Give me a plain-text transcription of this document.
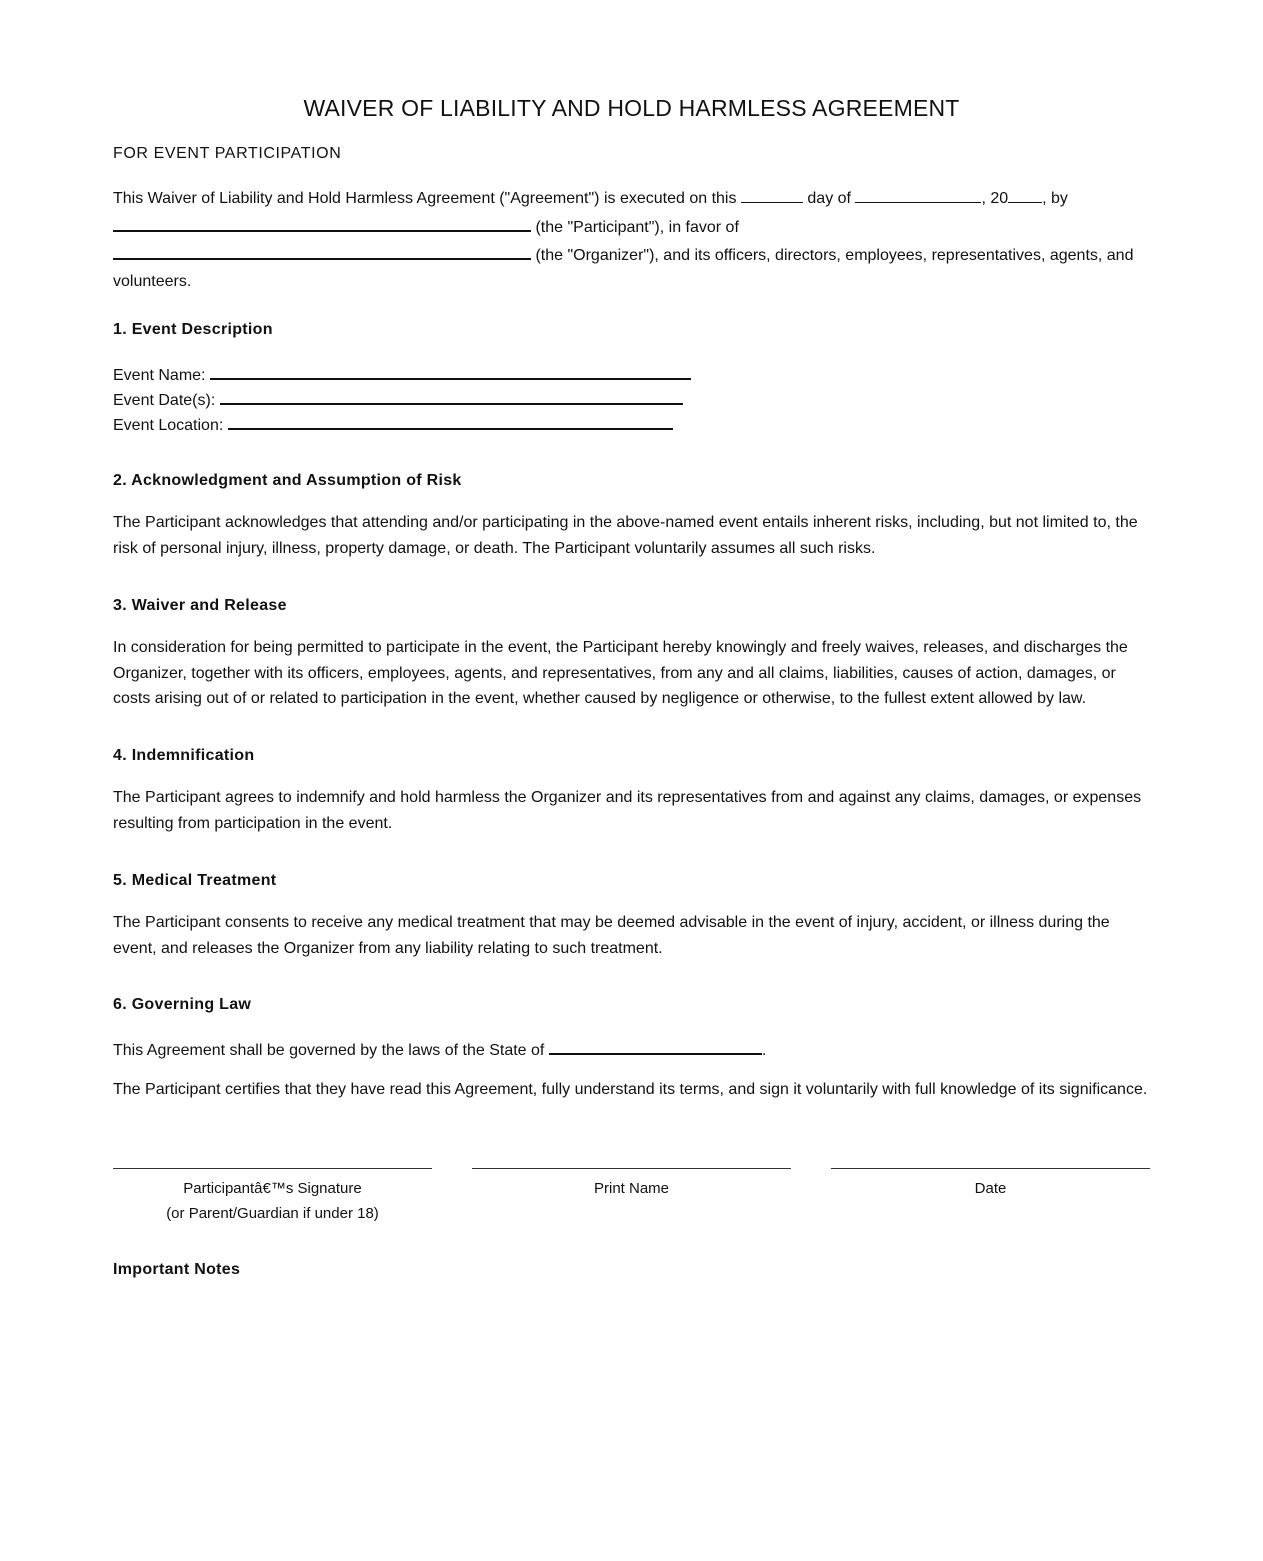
WAIVER OF LIABILITY AND HOLD HARMLESS AGREEMENT
FOR EVENT PARTICIPATION
This Waiver of Liability and Hold Harmless Agreement ("Agreement") is executed on this	day of	, 20 , by
(the "Participant"), in favor of
(the "Organizer"), and its officers, directors, employees, representatives, agents, and volunteers.
1. Event Description
Event Name:
Event Date(s):
Event Location:
2. Acknowledgment and Assumption of Risk
The Participant acknowledges that attending and/or participating in the above-named event entails inherent risks, including, but not limited to, the risk of personal injury, illness, property damage, or death. The Participant voluntarily assumes all such risks.
3. Waiver and Release
In consideration for being permitted to participate in the event, the Participant hereby knowingly and freely waives, releases, and discharges the Organizer, together with its officers, employees, agents, and representatives, from any and all claims, liabilities, causes of action, damages, or costs arising out of or related to participation in the event, whether caused by negligence or otherwise, to the fullest extent allowed by law.
4. Indemnification
The Participant agrees to indemnify and hold harmless the Organizer and its representatives from and against any claims, damages, or expenses resulting from participation in the event.
5. Medical Treatment
The Participant consents to receive any medical treatment that may be deemed advisable in the event of injury, accident, or illness during the event, and releases the Organizer from any liability relating to such treatment.
6. Governing Law
This Agreement shall be governed by the laws of the State of	.
The Participant certifies that they have read this Agreement, fully understand its terms, and sign it voluntarily with full knowledge of its significance.
Participantâ€™s Signature
(or Parent/Guardian if under 18)
Print Name	Date
Important Notes
